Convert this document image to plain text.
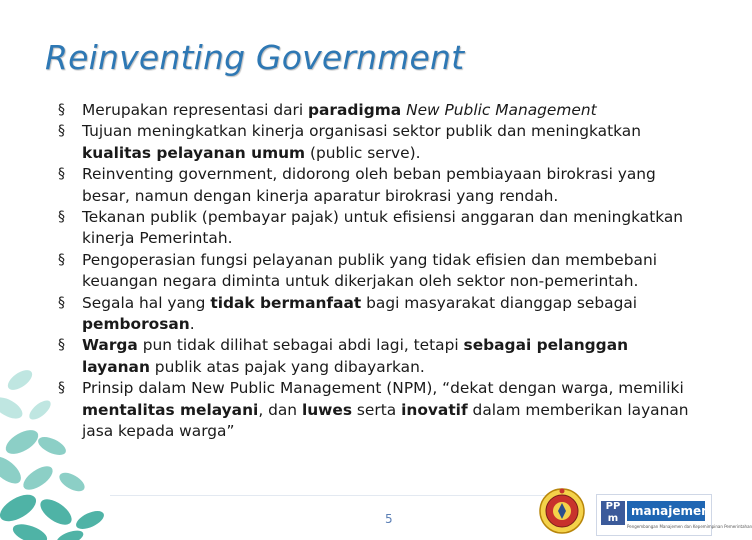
Reinventing Government
§ Merupakan representasi dari paradigma New Public Management
§ Tujuan meningkatkan kinerja organisasi sektor publik dan meningkatkan kualitas pelayanan umum (public serve).
§ Reinventing government, didorong oleh beban pembiayaan birokrasi yang besar, namun dengan kinerja aparatur birokrasi yang rendah.
§ Tekanan publik (pembayar pajak) untuk efisiensi anggaran dan meningkatkan kinerja Pemerintah.
§ Pengoperasian fungsi pelayanan publik yang tidak efisien dan membebani keuangan negara diminta untuk dikerjakan oleh sektor non-pemerintah.
§ Segala hal yang tidak bermanfaat bagi masyarakat dianggap sebagai pemborosan.
§ Warga pun tidak dilihat sebagai abdi lagi, tetapi sebagai pelanggan layanan publik atas pajak yang dibayarkan.
§ Prinsip dalam New Public Management (NPM), “dekat dengan warga, memiliki mentalitas melayani, dan luwes serta inovatif dalam memberikan layanan jasa kepada warga”
5
PP m
manajemen
Pengembangan Manajemen dan Kepemimpinan Pemerintahan
